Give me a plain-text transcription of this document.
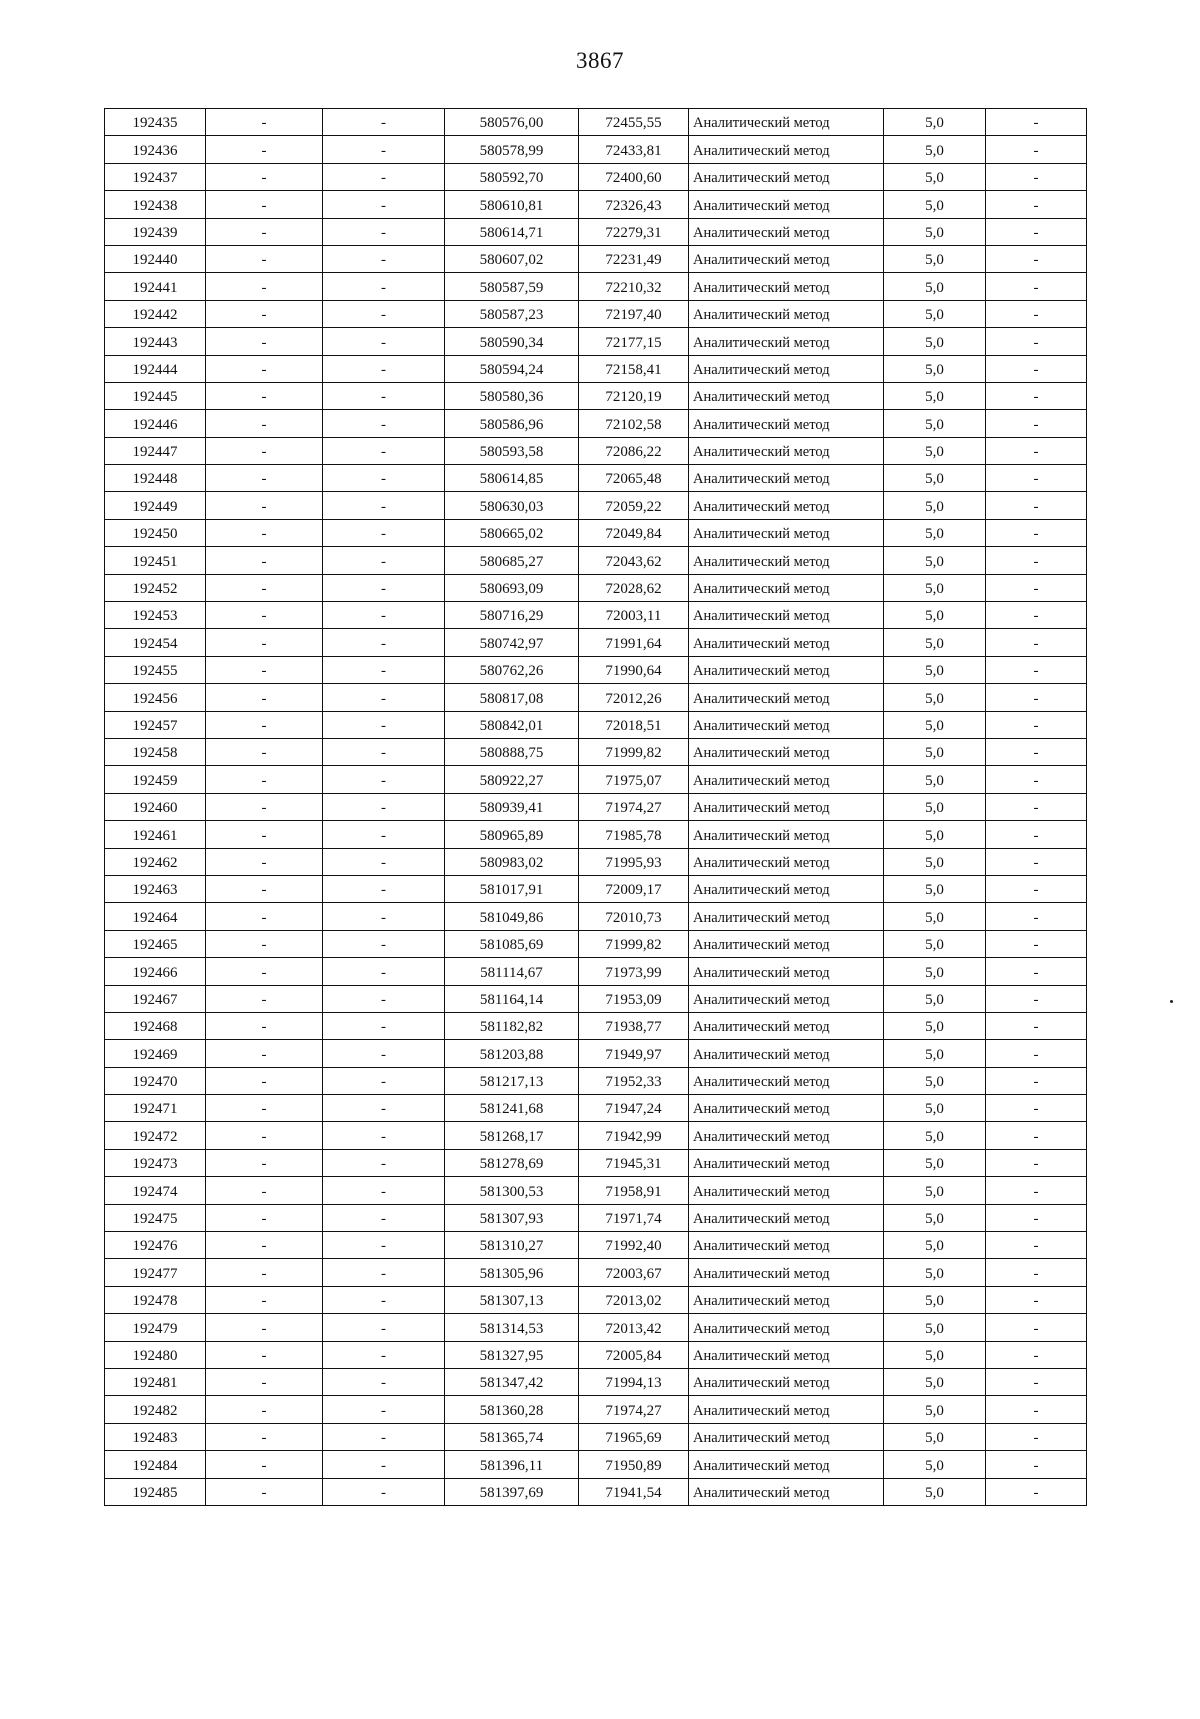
3867
192435	-	-	580576,00	72455,55	Аналитический метод	5,0	-
192436	-	-	580578,99	72433,81	Аналитический метод	5,0	-
192437	-	-	580592,70	72400,60	Аналитический метод	5,0	-
192438	-	-	580610,81	72326,43	Аналитический метод	5,0	-
192439	-	-	580614,71	72279,31	Аналитический метод	5,0	-
192440	-	-	580607,02	72231,49	Аналитический метод	5,0	-
192441	-	-	580587,59	72210,32	Аналитический метод	5,0	-
192442	-	-	580587,23	72197,40	Аналитический метод	5,0	-
192443	-	-	580590,34	72177,15	Аналитический метод	5,0	-
192444	-	-	580594,24	72158,41	Аналитический метод	5,0	-
192445	-	-	580580,36	72120,19	Аналитический метод	5,0	-
192446	-	-	580586,96	72102,58	Аналитический метод	5,0	-
192447	-	-	580593,58	72086,22	Аналитический метод	5,0	-
192448	-	-	580614,85	72065,48	Аналитический метод	5,0	-
192449	-	-	580630,03	72059,22	Аналитический метод	5,0	-
192450	-	-	580665,02	72049,84	Аналитический метод	5,0	-
192451	-	-	580685,27	72043,62	Аналитический метод	5,0	-
192452	-	-	580693,09	72028,62	Аналитический метод	5,0	-
192453	-	-	580716,29	72003,11	Аналитический метод	5,0	-
192454	-	-	580742,97	71991,64	Аналитический метод	5,0	-
192455	-	-	580762,26	71990,64	Аналитический метод	5,0	-
192456	-	-	580817,08	72012,26	Аналитический метод	5,0	-
192457	-	-	580842,01	72018,51	Аналитический метод	5,0	-
192458	-	-	580888,75	71999,82	Аналитический метод	5,0	-
192459	-	-	580922,27	71975,07	Аналитический метод	5,0	-
192460	-	-	580939,41	71974,27	Аналитический метод	5,0	-
192461	-	-	580965,89	71985,78	Аналитический метод	5,0	-
192462	-	-	580983,02	71995,93	Аналитический метод	5,0	-
192463	-	-	581017,91	72009,17	Аналитический метод	5,0	-
192464	-	-	581049,86	72010,73	Аналитический метод	5,0	-
192465	-	-	581085,69	71999,82	Аналитический метод	5,0	-
192466	-	-	581114,67	71973,99	Аналитический метод	5,0	-
192467	-	-	581164,14	71953,09	Аналитический метод	5,0	-
192468	-	-	581182,82	71938,77	Аналитический метод	5,0	-
192469	-	-	581203,88	71949,97	Аналитический метод	5,0	-
192470	-	-	581217,13	71952,33	Аналитический метод	5,0	-
192471	-	-	581241,68	71947,24	Аналитический метод	5,0	-
192472	-	-	581268,17	71942,99	Аналитический метод	5,0	-
192473	-	-	581278,69	71945,31	Аналитический метод	5,0	-
192474	-	-	581300,53	71958,91	Аналитический метод	5,0	-
192475	-	-	581307,93	71971,74	Аналитический метод	5,0	-
192476	-	-	581310,27	71992,40	Аналитический метод	5,0	-
192477	-	-	581305,96	72003,67	Аналитический метод	5,0	-
192478	-	-	581307,13	72013,02	Аналитический метод	5,0	-
192479	-	-	581314,53	72013,42	Аналитический метод	5,0	-
192480	-	-	581327,95	72005,84	Аналитический метод	5,0	-
192481	-	-	581347,42	71994,13	Аналитический метод	5,0	-
192482	-	-	581360,28	71974,27	Аналитический метод	5,0	-
192483	-	-	581365,74	71965,69	Аналитический метод	5,0	-
192484	-	-	581396,11	71950,89	Аналитический метод	5,0	-
192485	-	-	581397,69	71941,54	Аналитический метод	5,0	-
